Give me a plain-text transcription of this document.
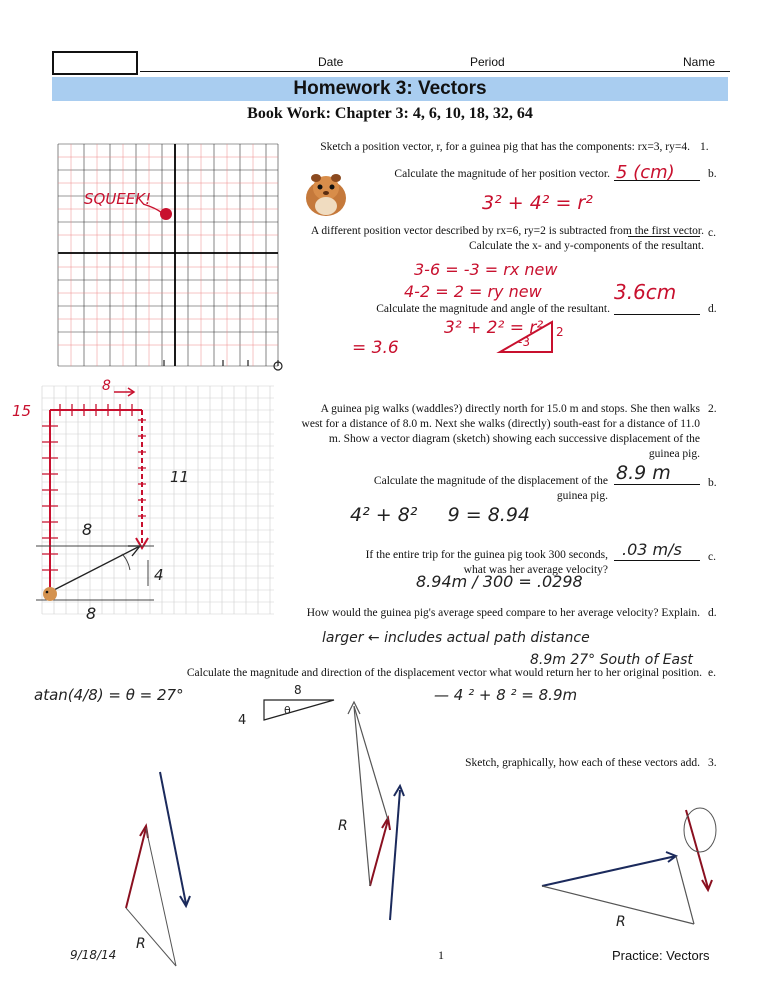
Date	Period	Name
Homework 3: Vectors
Book Work: Chapter 3: 4, 6, 10, 18, 32, 64
SQUEEK!
Sketch a position vector, r, for a guinea pig that has the components: rx=3, ry=4. 1.
5 (cm)
Calculate the magnitude of her position vector.	b.
3² + 4² = r²
A different position vector described by rx=6, ry=2 is subtracted from the first vector. Calculate the x- and y-components of the resultant.
c.
3-6 = -3 = rx new
4-2 = 2 = ry new	3.6cm
Calculate the magnitude and angle of the resultant.	d.
3² + 2² = r²
= 3.6	-3
2
15
8
11
8
4
8
A guinea pig walks (waddles?) directly north for 15.0 m and stops. She then walks west for a distance of 8.0 m. Next she walks (directly) south-east for a distance of 11.0 m. Show a vector diagram (sketch) showing each successive displacement of the guinea pig.
2.
8.9 m
Calculate the magnitude of the displacement of the guinea pig.
b.
4² + 8²     9 = 8.94
.03 m/s
If the entire trip for the guinea pig took 300 seconds, what was her average velocity?
c.
8.94m / 300 = .0298
How would the guinea pig's average speed compare to her average velocity? Explain. d.
larger ← includes actual path distance
8.9m 27° South of East
Calculate the magnitude and direction of the displacement vector what would return her to her original position. e.
atan(4/8) = θ = 27°	8
θ
4
— 4 ² + 8 ² = 8.9m
Sketch, graphically, how each of these vectors add. 3.
R
R
R
9/18/14	1	Practice: Vectors
